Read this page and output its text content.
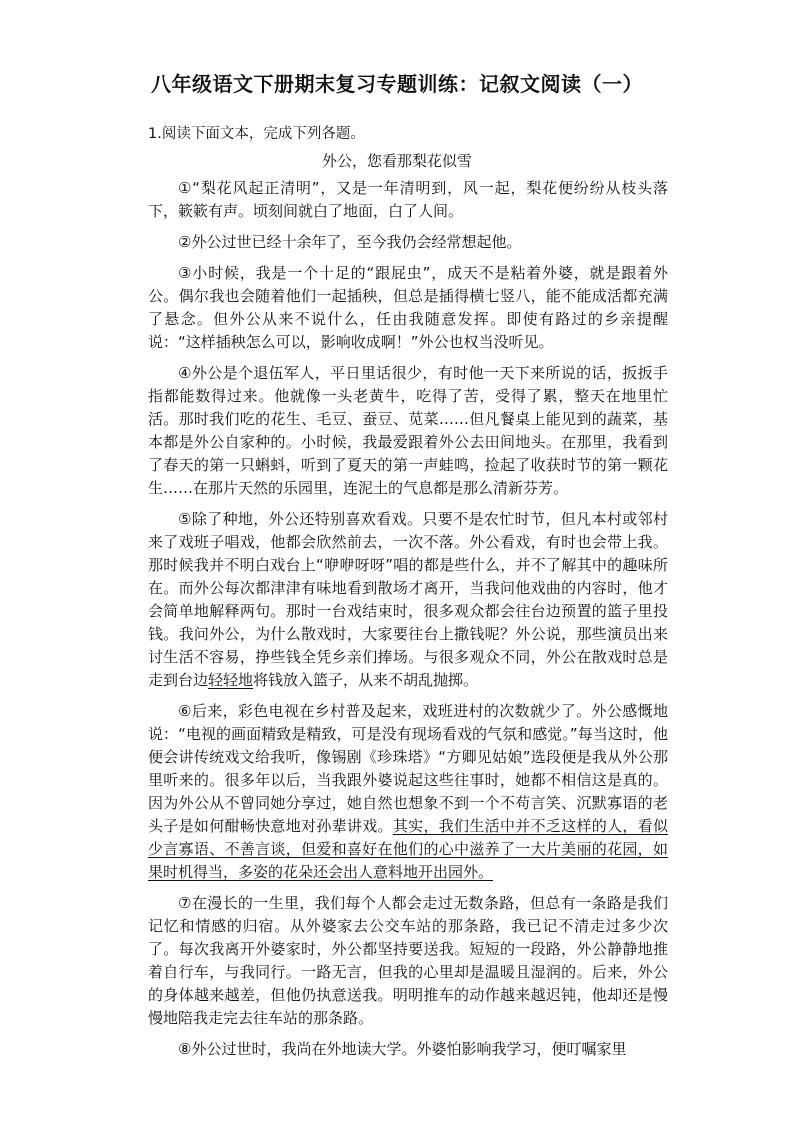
八年级语文下册期末复习专题训练：记叙文阅读（一）

1.阅读下面文本，完成下列各题。

外公，您看那梨花似雪

①“梨花风起正清明”，又是一年清明到，风一起，梨花便纷纷从枝头落下，簌簌有声。顷刻间就白了地面，白了人间。

②外公过世已经十余年了，至今我仍会经常想起他。

③小时候，我是一个十足的“跟屁虫”，成天不是粘着外婆，就是跟着外公。偶尔我也会随着他们一起插秧，但总是插得横七竖八，能不能成活都充满了悬念。但外公从来不说什么，任由我随意发挥。即使有路过的乡亲提醒说：“这样插秧怎么可以，影响收成啊！”外公也权当没听见。

④外公是个退伍军人，平日里话很少，有时他一天下来所说的话，扳扳手指都能数得过来。他就像一头老黄牛，吃得了苦，受得了累，整天在地里忙活。那时我们吃的花生、毛豆、蚕豆、苋菜……但凡餐桌上能见到的蔬菜，基本都是外公自家种的。小时候，我最爱跟着外公去田间地头。在那里，我看到了春天的第一只蝌蚪，听到了夏天的第一声蛙鸣，捡起了收获时节的第一颗花生……在那片天然的乐园里，连泥土的气息都是那么清新芬芳。

⑤除了种地，外公还特别喜欢看戏。只要不是农忙时节，但凡本村或邻村来了戏班子唱戏，他都会欣然前去，一次不落。外公看戏，有时也会带上我。那时候我并不明白戏台上“咿咿呀呀”唱的都是些什么，并不了解其中的趣味所在。而外公每次都津津有味地看到散场才离开，当我问他戏曲的内容时，他才会简单地解释两句。那时一台戏结束时，很多观众都会往台边预置的篮子里投钱。我问外公，为什么散戏时，大家要往台上撒钱呢？外公说，那些演员出来讨生活不容易，挣些钱全凭乡亲们捧场。与很多观众不同，外公在散戏时总是走到台边轻轻地将钱放入篮子，从来不胡乱抛掷。

⑥后来，彩色电视在乡村普及起来，戏班进村的次数就少了。外公感慨地说：“电视的画面精致是精致，可是没有现场看戏的气氛和感觉。”每当这时，他便会讲传统戏文给我听，像锡剧《珍珠塔》“方卿见姑娘”选段便是我从外公那里听来的。很多年以后，当我跟外婆说起这些往事时，她都不相信这是真的。因为外公从不曾同她分享过，她自然也想象不到一个不苟言笑、沉默寡语的老头子是如何酣畅快意地对孙辈讲戏。其实，我们生活中并不乏这样的人，看似少言寡语、不善言谈，但爱和喜好在他们的心中滋养了一大片美丽的花园，如果时机得当，多姿的花朵还会出人意料地开出园外。

⑦在漫长的一生里，我们每个人都会走过无数条路，但总有一条路是我们记忆和情感的归宿。从外婆家去公交车站的那条路，我已记不清走过多少次了。每次我离开外婆家时，外公都坚持要送我。短短的一段路，外公静静地推着自行车，与我同行。一路无言，但我的心里却是温暖且湿润的。后来，外公的身体越来越差，但他仍执意送我。明明推车的动作越来越迟钝，他却还是慢慢地陪我走完去往车站的那条路。

⑧外公过世时，我尚在外地读大学。外婆怕影响我学习，便叮嘱家里
